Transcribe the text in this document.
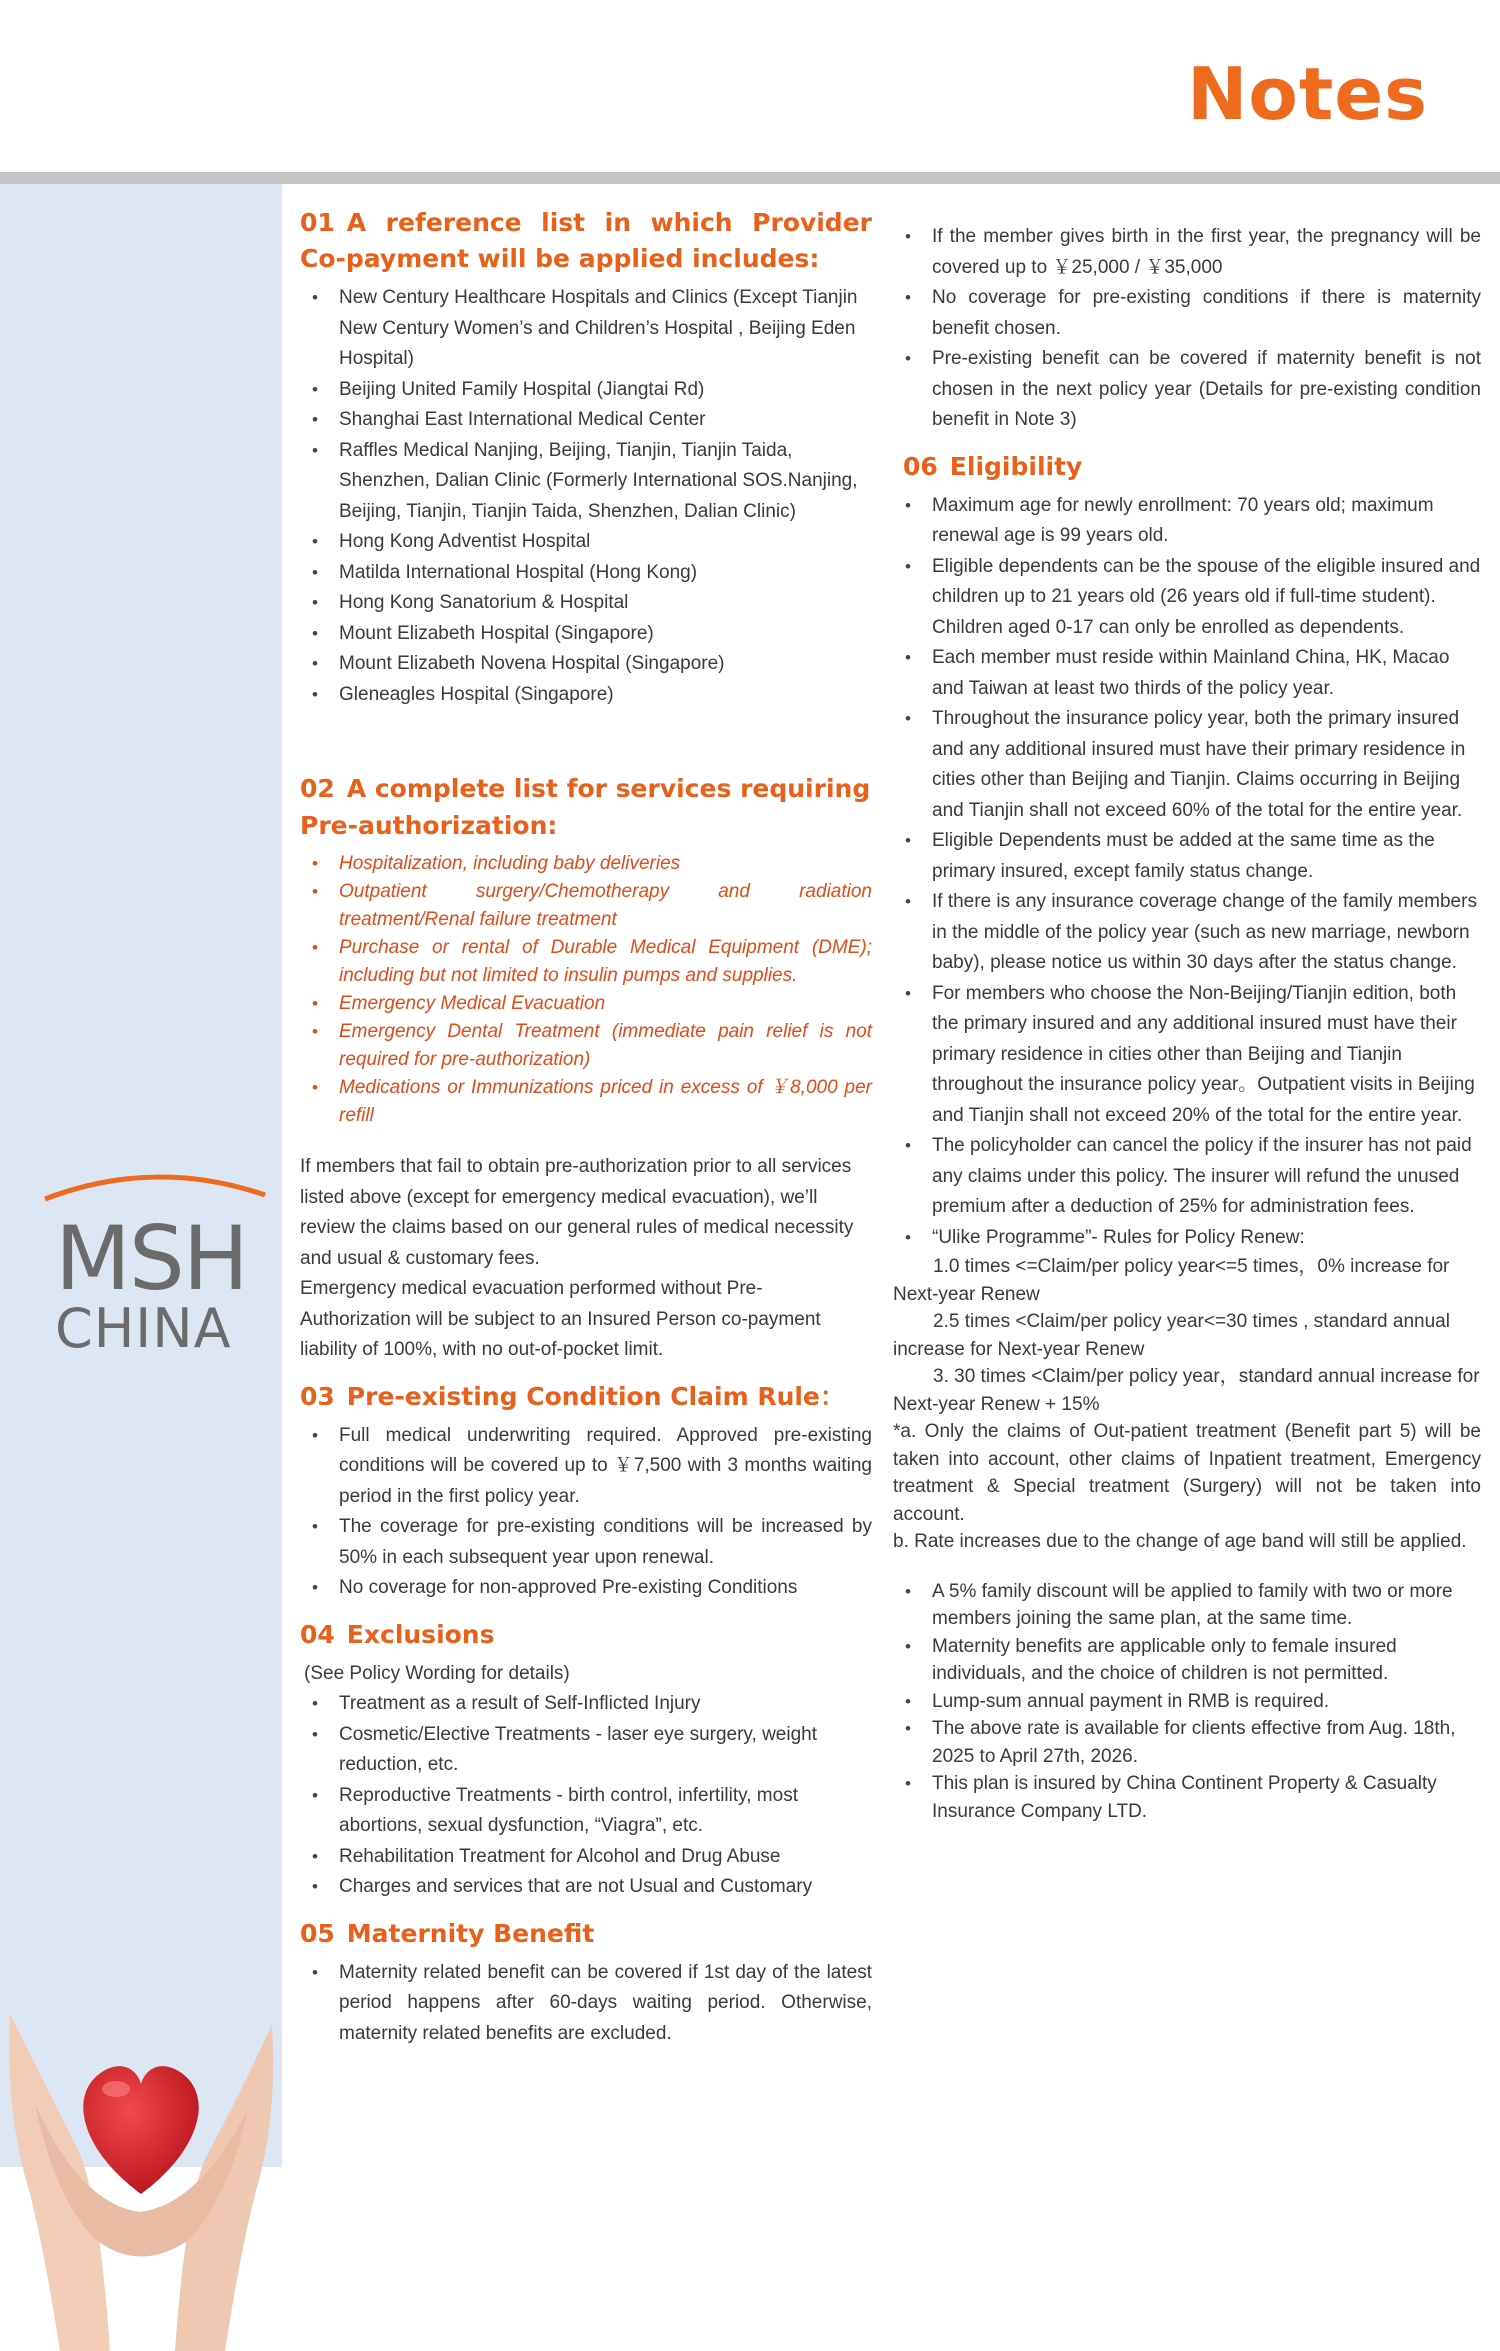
Notes
MSH
CHINA
01 A reference list in which Provider Co-payment will be applied includes:
• New Century Healthcare Hospitals and Clinics (Except Tianjin New Century Women’s and Children’s Hospital , Beijing Eden Hospital)
• Beijing United Family Hospital (Jiangtai Rd)
• Shanghai East International Medical Center
• Raffles Medical Nanjing, Beijing, Tianjin, Tianjin Taida, Shenzhen, Dalian Clinic (Formerly International SOS.Nanjing, Beijing, Tianjin, Tianjin Taida, Shenzhen, Dalian Clinic)
• Hong Kong Adventist Hospital
• Matilda International Hospital (Hong Kong)
• Hong Kong Sanatorium & Hospital
• Mount Elizabeth Hospital (Singapore)
• Mount Elizabeth Novena Hospital (Singapore)
• Gleneagles Hospital (Singapore)
02 A complete list for services requiring Pre-authorization:
• Hospitalization, including baby deliveries
• Outpatient surgery/Chemotherapy and radiation treatment/Renal failure treatment
• Purchase or rental of Durable Medical Equipment (DME); including but not limited to insulin pumps and supplies.
• Emergency Medical Evacuation
• Emergency Dental Treatment (immediate pain relief is not required for pre-authorization)
• Medications or Immunizations priced in excess of ￥8,000 per refill

If members that fail to obtain pre-authorization prior to all services listed above (except for emergency medical evacuation), we’ll review the claims based on our general rules of medical necessity and usual & customary fees.

Emergency medical evacuation performed without Pre-Authorization will be subject to an Insured Person co-payment liability of 100%, with no out-of-pocket limit.

03 Pre-existing Condition Claim Rule：
• Full medical underwriting required. Approved pre-existing conditions will be covered up to ￥7,500 with 3 months waiting period in the first policy year.
• The coverage for pre-existing conditions will be increased by 50% in each subsequent year upon renewal.
• No coverage for non-approved Pre-existing Conditions
04 Exclusions

(See Policy Wording for details)

• Treatment as a result of Self-Inflicted Injury
• Cosmetic/Elective Treatments - laser eye surgery, weight reduction, etc.
• Reproductive Treatments - birth control, infertility, most abortions, sexual dysfunction, “Viagra”, etc.
• Rehabilitation Treatment for Alcohol and Drug Abuse
• Charges and services that are not Usual and Customary
05 Maternity Benefit
• Maternity related benefit can be covered if 1st day of the latest period happens after 60-days waiting period. Otherwise, maternity related benefits are excluded.
• If the member gives birth in the first year, the pregnancy will be covered up to ￥25,000 / ￥35,000
• No coverage for pre-existing conditions if there is maternity benefit chosen.
• Pre-existing benefit can be covered if maternity benefit is not chosen in the next policy year (Details for pre-existing condition benefit in Note 3)
06 Eligibility
• Maximum age for newly enrollment: 70 years old; maximum renewal age is 99 years old.
• Eligible dependents can be the spouse of the eligible insured and children up to 21 years old (26 years old if full-time student). Children aged 0-17 can only be enrolled as dependents.
• Each member must reside within Mainland China, HK, Macao and Taiwan at least two thirds of the policy year.
• Throughout the insurance policy year, both the primary insured and any additional insured must have their primary residence in cities other than Beijing and Tianjin. Claims occurring in Beijing and Tianjin shall not exceed 60% of the total for the entire year.
• Eligible Dependents must be added at the same time as the primary insured, except family status change.
• If there is any insurance coverage change of the family members in the middle of the policy year (such as new marriage, newborn baby), please notice us within 30 days after the status change.
• For members who choose the Non-Beijing/Tianjin edition, both the primary insured and any additional insured must have their primary residence in cities other than Beijing and Tianjin throughout the insurance policy year。Outpatient visits in Beijing and Tianjin shall not exceed 20% of the total for the entire year.
• The policyholder can cancel the policy if the insurer has not paid any claims under this policy. The insurer will refund the unused premium after a deduction of 25% for administration fees.
• “Ulike Programme”- Rules for Policy Renew:

1.0 times <=Claim/per policy year<=5 times，0% increase for Next-year Renew

2.5 times <Claim/per policy year<=30 times , standard annual increase for Next-year Renew

3. 30 times <Claim/per policy year，standard annual increase for Next-year Renew + 15%

*a. Only the claims of Out-patient treatment (Benefit part 5) will be taken into account, other claims of Inpatient treatment, Emergency treatment & Special treatment (Surgery) will not be taken into account.

b. Rate increases due to the change of age band will still be applied.

• A 5% family discount will be applied to family with two or more members joining the same plan, at the same time.
• Maternity benefits are applicable only to female insured individuals, and the choice of children is not permitted.
• Lump-sum annual payment in RMB is required.
• The above rate is available for clients effective from Aug. 18th, 2025 to April 27th, 2026.
• This plan is insured by China Continent Property & Casualty Insurance Company LTD.
